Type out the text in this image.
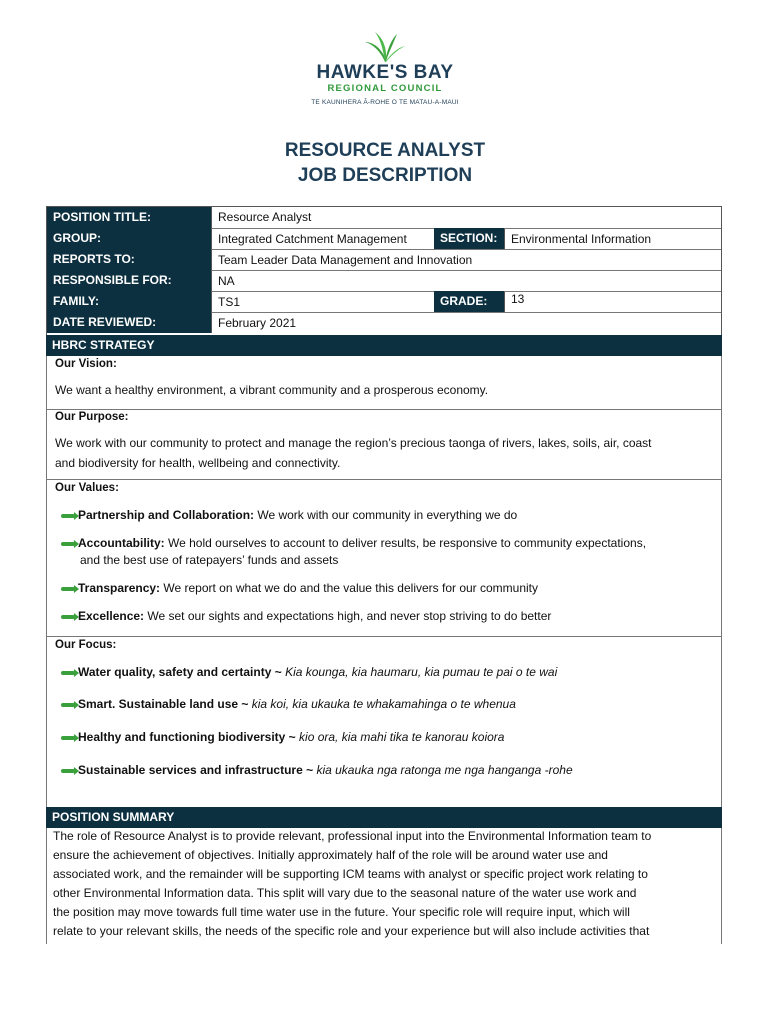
HAWKE'S BAY
REGIONAL COUNCIL
TE KAUNIHERA Ā-ROHE O TE MATAU-A-MAUI
RESOURCE ANALYST
JOB DESCRIPTION
POSITION TITLE:	Resource Analyst
GROUP:	Integrated Catchment Management	SECTION:	Environmental Information
REPORTS TO:	Team Leader Data Management and Innovation
RESPONSIBLE FOR:	NA
FAMILY:	TS1	GRADE:	13
DATE REVIEWED:	February 2021
HBRC STRATEGY
Our Vision:
We want a healthy environment, a vibrant community and a prosperous economy.
Our Purpose:
We work with our community to protect and manage the region’s precious taonga of rivers, lakes, soils, air, coast
and biodiversity for health, wellbeing and connectivity.
Our Values:
Partnership and Collaboration: We work with our community in everything we do
Accountability: We hold ourselves to account to deliver results, be responsive to community expectations,
and the best use of ratepayers’ funds and assets
Transparency: We report on what we do and the value this delivers for our community
Excellence: We set our sights and expectations high, and never stop striving to do better
Our Focus:
Water quality, safety and certainty ~ Kia kounga, kia haumaru, kia pumau te pai o te wai
Smart. Sustainable land use ~ kia koi, kia ukauka te whakamahinga o te whenua
Healthy and functioning biodiversity ~ kio ora, kia mahi tika te kanorau koiora
Sustainable services and infrastructure ~ kia ukauka nga ratonga me nga hanganga -rohe
POSITION SUMMARY
The role of Resource Analyst is to provide relevant, professional input into the Environmental Information team to
ensure the achievement of objectives. Initially approximately half of the role will be around water use and
associated work, and the remainder will be supporting ICM teams with analyst or specific project work relating to
other Environmental Information data. This split will vary due to the seasonal nature of the water use work and
the position may move towards full time water use in the future. Your specific role will require input, which will
relate to your relevant skills, the needs of the specific role and your experience but will also include activities that
